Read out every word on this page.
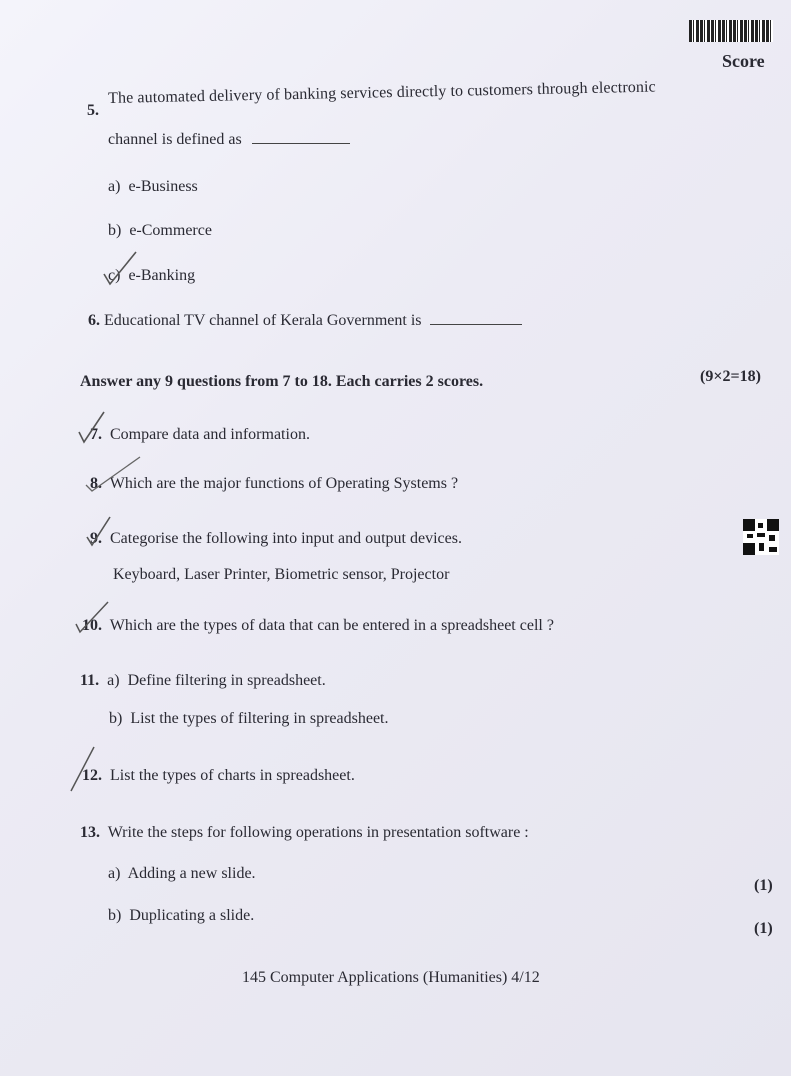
Score
5.
The automated delivery of banking services directly to customers through electronic
channel is defined as
a) e-Business
b) e-Commerce
c) e-Banking
6. Educational TV channel of Kerala Government is
Answer any 9 questions from 7 to 18. Each carries 2 scores.	(9×2=18)
7. Compare data and information.
8. Which are the major functions of Operating Systems ?
9. Categorise the following into input and output devices.
Keyboard, Laser Printer, Biometric sensor, Projector
10. Which are the types of data that can be entered in a spreadsheet cell ?
11. a) Define filtering in spreadsheet.
b) List the types of filtering in spreadsheet.
12. List the types of charts in spreadsheet.
13. Write the steps for following operations in presentation software :
a) Adding a new slide.
(1)
b) Duplicating a slide.
(1)
145 Computer Applications (Humanities) 4/12
